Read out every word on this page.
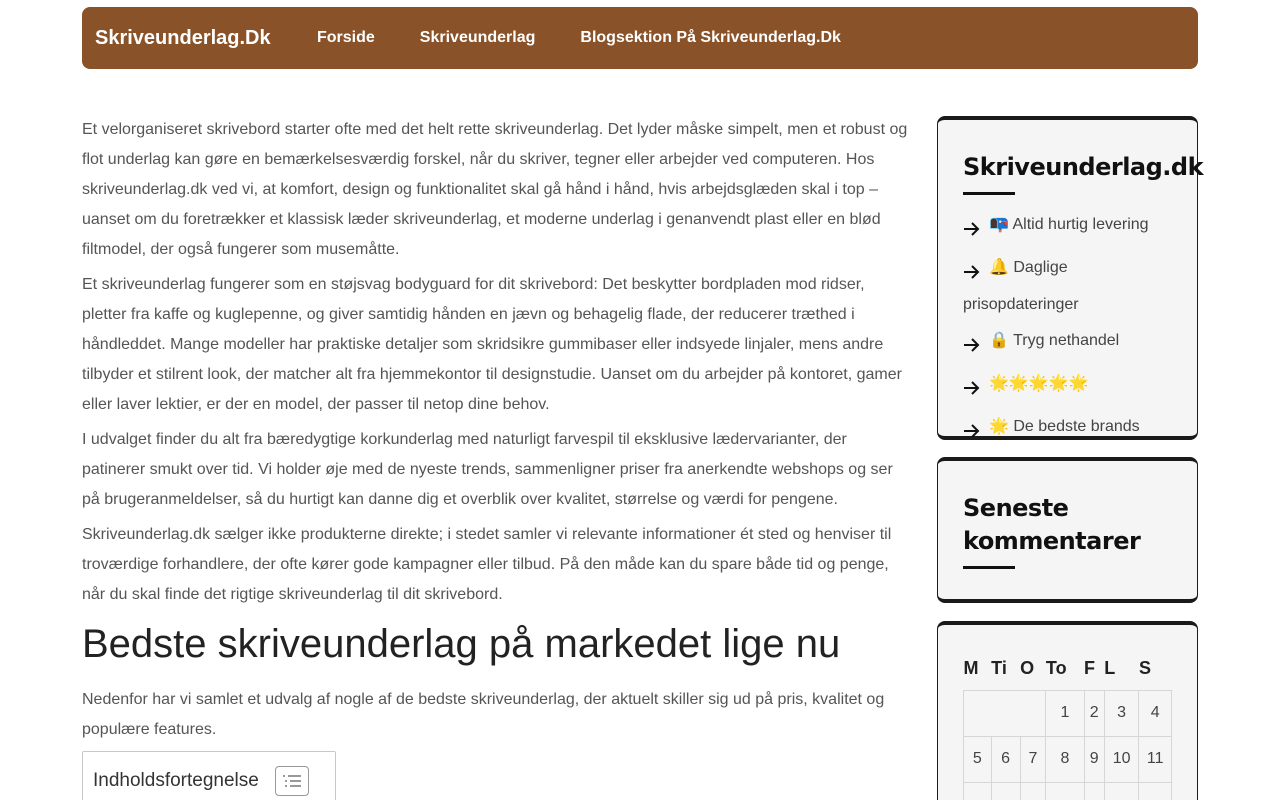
Skriveunderlag.Dk	Forside	Skriveunderlag	Blogsektion På Skriveunderlag.Dk

Et velorganiseret skrivebord starter ofte med det helt rette skriveunderlag. Det lyder måske simpelt, men et robust og flot underlag kan gøre en bemærkelsesværdig forskel, når du skriver, tegner eller arbejder ved computeren. Hos skriveunderlag.dk ved vi, at komfort, design og funktionalitet skal gå hånd i hånd, hvis arbejdsglæden skal i top – uanset om du foretrækker et klassisk læder skriveunderlag, et moderne underlag i genanvendt plast eller en blød filtmodel, der også fungerer som musemåtte.

Et skriveunderlag fungerer som en støjsvag bodyguard for dit skrivebord: Det beskytter bordpladen mod ridser, pletter fra kaffe og kuglepenne, og giver samtidig hånden en jævn og behagelig flade, der reducerer træthed i håndleddet. Mange modeller har praktiske detaljer som skridsikre gummibaser eller indsyede linjaler, mens andre tilbyder et stilrent look, der matcher alt fra hjemmekontor til designstudie. Uanset om du arbejder på kontoret, gamer eller laver lektier, er der en model, der passer til netop dine behov.

I udvalget finder du alt fra bæredygtige korkunderlag med naturligt farvespil til eksklusive lædervarianter, der patinerer smukt over tid. Vi holder øje med de nyeste trends, sammenligner priser fra anerkendte webshops og ser på brugeranmeldelser, så du hurtigt kan danne dig et overblik over kvalitet, størrelse og værdi for pengene.

Skriveunderlag.dk sælger ikke produkterne direkte; i stedet samler vi relevante informationer ét sted og henviser til troværdige forhandlere, der ofte kører gode kampagner eller tilbud. På den måde kan du spare både tid og penge, når du skal finde det rigtige skriveunderlag til dit skrivebord.

Bedste skriveunderlag på markedet lige nu

Nedenfor har vi samlet et udvalg af nogle af de bedste skriveunderlag, der aktuelt skiller sig ud på pris, kvalitet og populære features.

Indholdsfortegnelse
Skriveunderlag.dk
📭 Altid hurtig levering
🔔 Daglige prisopdateringer
🔒 Tryg nethandel
🌟🌟🌟🌟🌟
🌟 De bedste brands
Seneste kommentarer
M	Ti	O	To	F	L	S
			1	2	3	4
5	6	7	8	9	10	11
